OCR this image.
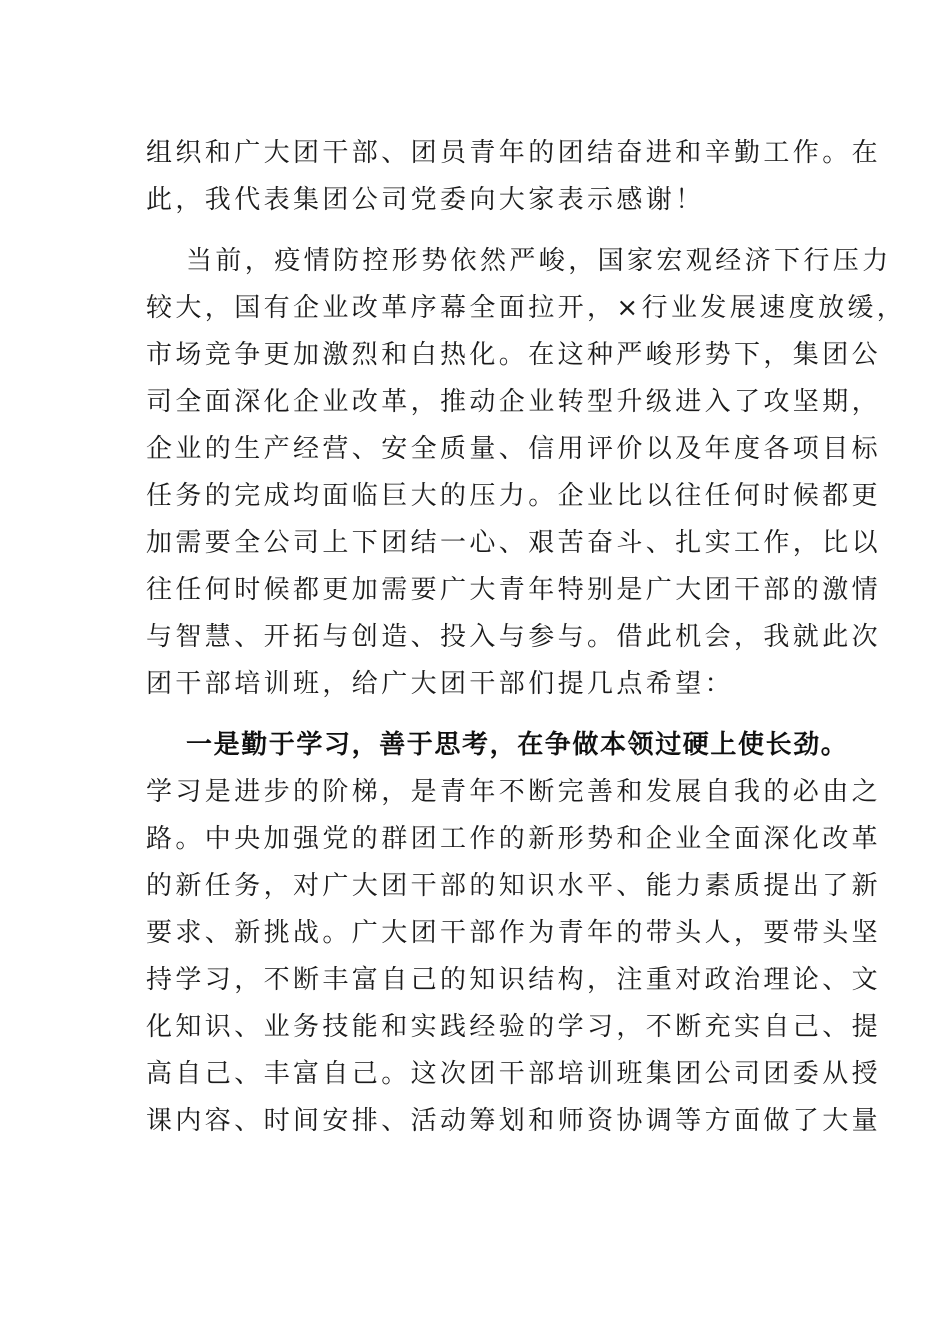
组织和广大团干部、团员青年的团结奋进和辛勤工作。在
此，我代表集团公司党委向大家表示感谢！
当前，疫情防控形势依然严峻，国家宏观经济下行压力
较大，国有企业改革序幕全面拉开，×行业发展速度放缓，
市场竞争更加激烈和白热化。在这种严峻形势下，集团公
司全面深化企业改革，推动企业转型升级进入了攻坚期，
企业的生产经营、安全质量、信用评价以及年度各项目标
任务的完成均面临巨大的压力。企业比以往任何时候都更
加需要全公司上下团结一心、艰苦奋斗、扎实工作，比以
往任何时候都更加需要广大青年特别是广大团干部的激情
与智慧、开拓与创造、投入与参与。借此机会，我就此次
团干部培训班，给广大团干部们提几点希望：
一是勤于学习，善于思考，在争做本领过硬上使长劲。
学习是进步的阶梯，是青年不断完善和发展自我的必由之
路。中央加强党的群团工作的新形势和企业全面深化改革
的新任务，对广大团干部的知识水平、能力素质提出了新
要求、新挑战。广大团干部作为青年的带头人，要带头坚
持学习，不断丰富自己的知识结构，注重对政治理论、文
化知识、业务技能和实践经验的学习，不断充实自己、提
高自己、丰富自己。这次团干部培训班集团公司团委从授
课内容、时间安排、活动筹划和师资协调等方面做了大量
